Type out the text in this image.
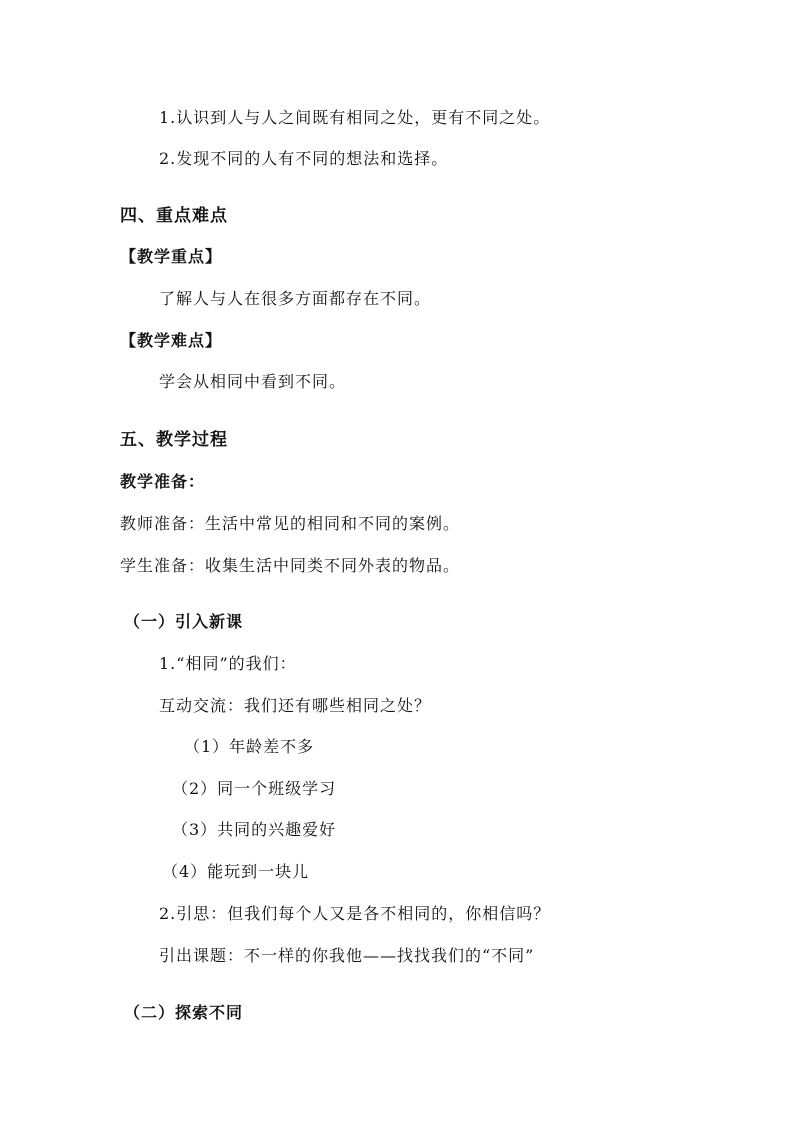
1.认识到人与人之间既有相同之处，更有不同之处。
2.发现不同的人有不同的想法和选择。
四、重点难点
【教学重点】
了解人与人在很多方面都存在不同。
【教学难点】
学会从相同中看到不同。
五、教学过程
教学准备：
教师准备：生活中常见的相同和不同的案例。
学生准备：收集生活中同类不同外表的物品。
（一）引入新课
1.“相同”的我们：
互动交流：我们还有哪些相同之处？
（1）年龄差不多
（2）同一个班级学习
（3）共同的兴趣爱好
（4）能玩到一块儿
2.引思：但我们每个人又是各不相同的，你相信吗？
引出课题：不一样的你我他——找找我们的“不同”
（二）探索不同
